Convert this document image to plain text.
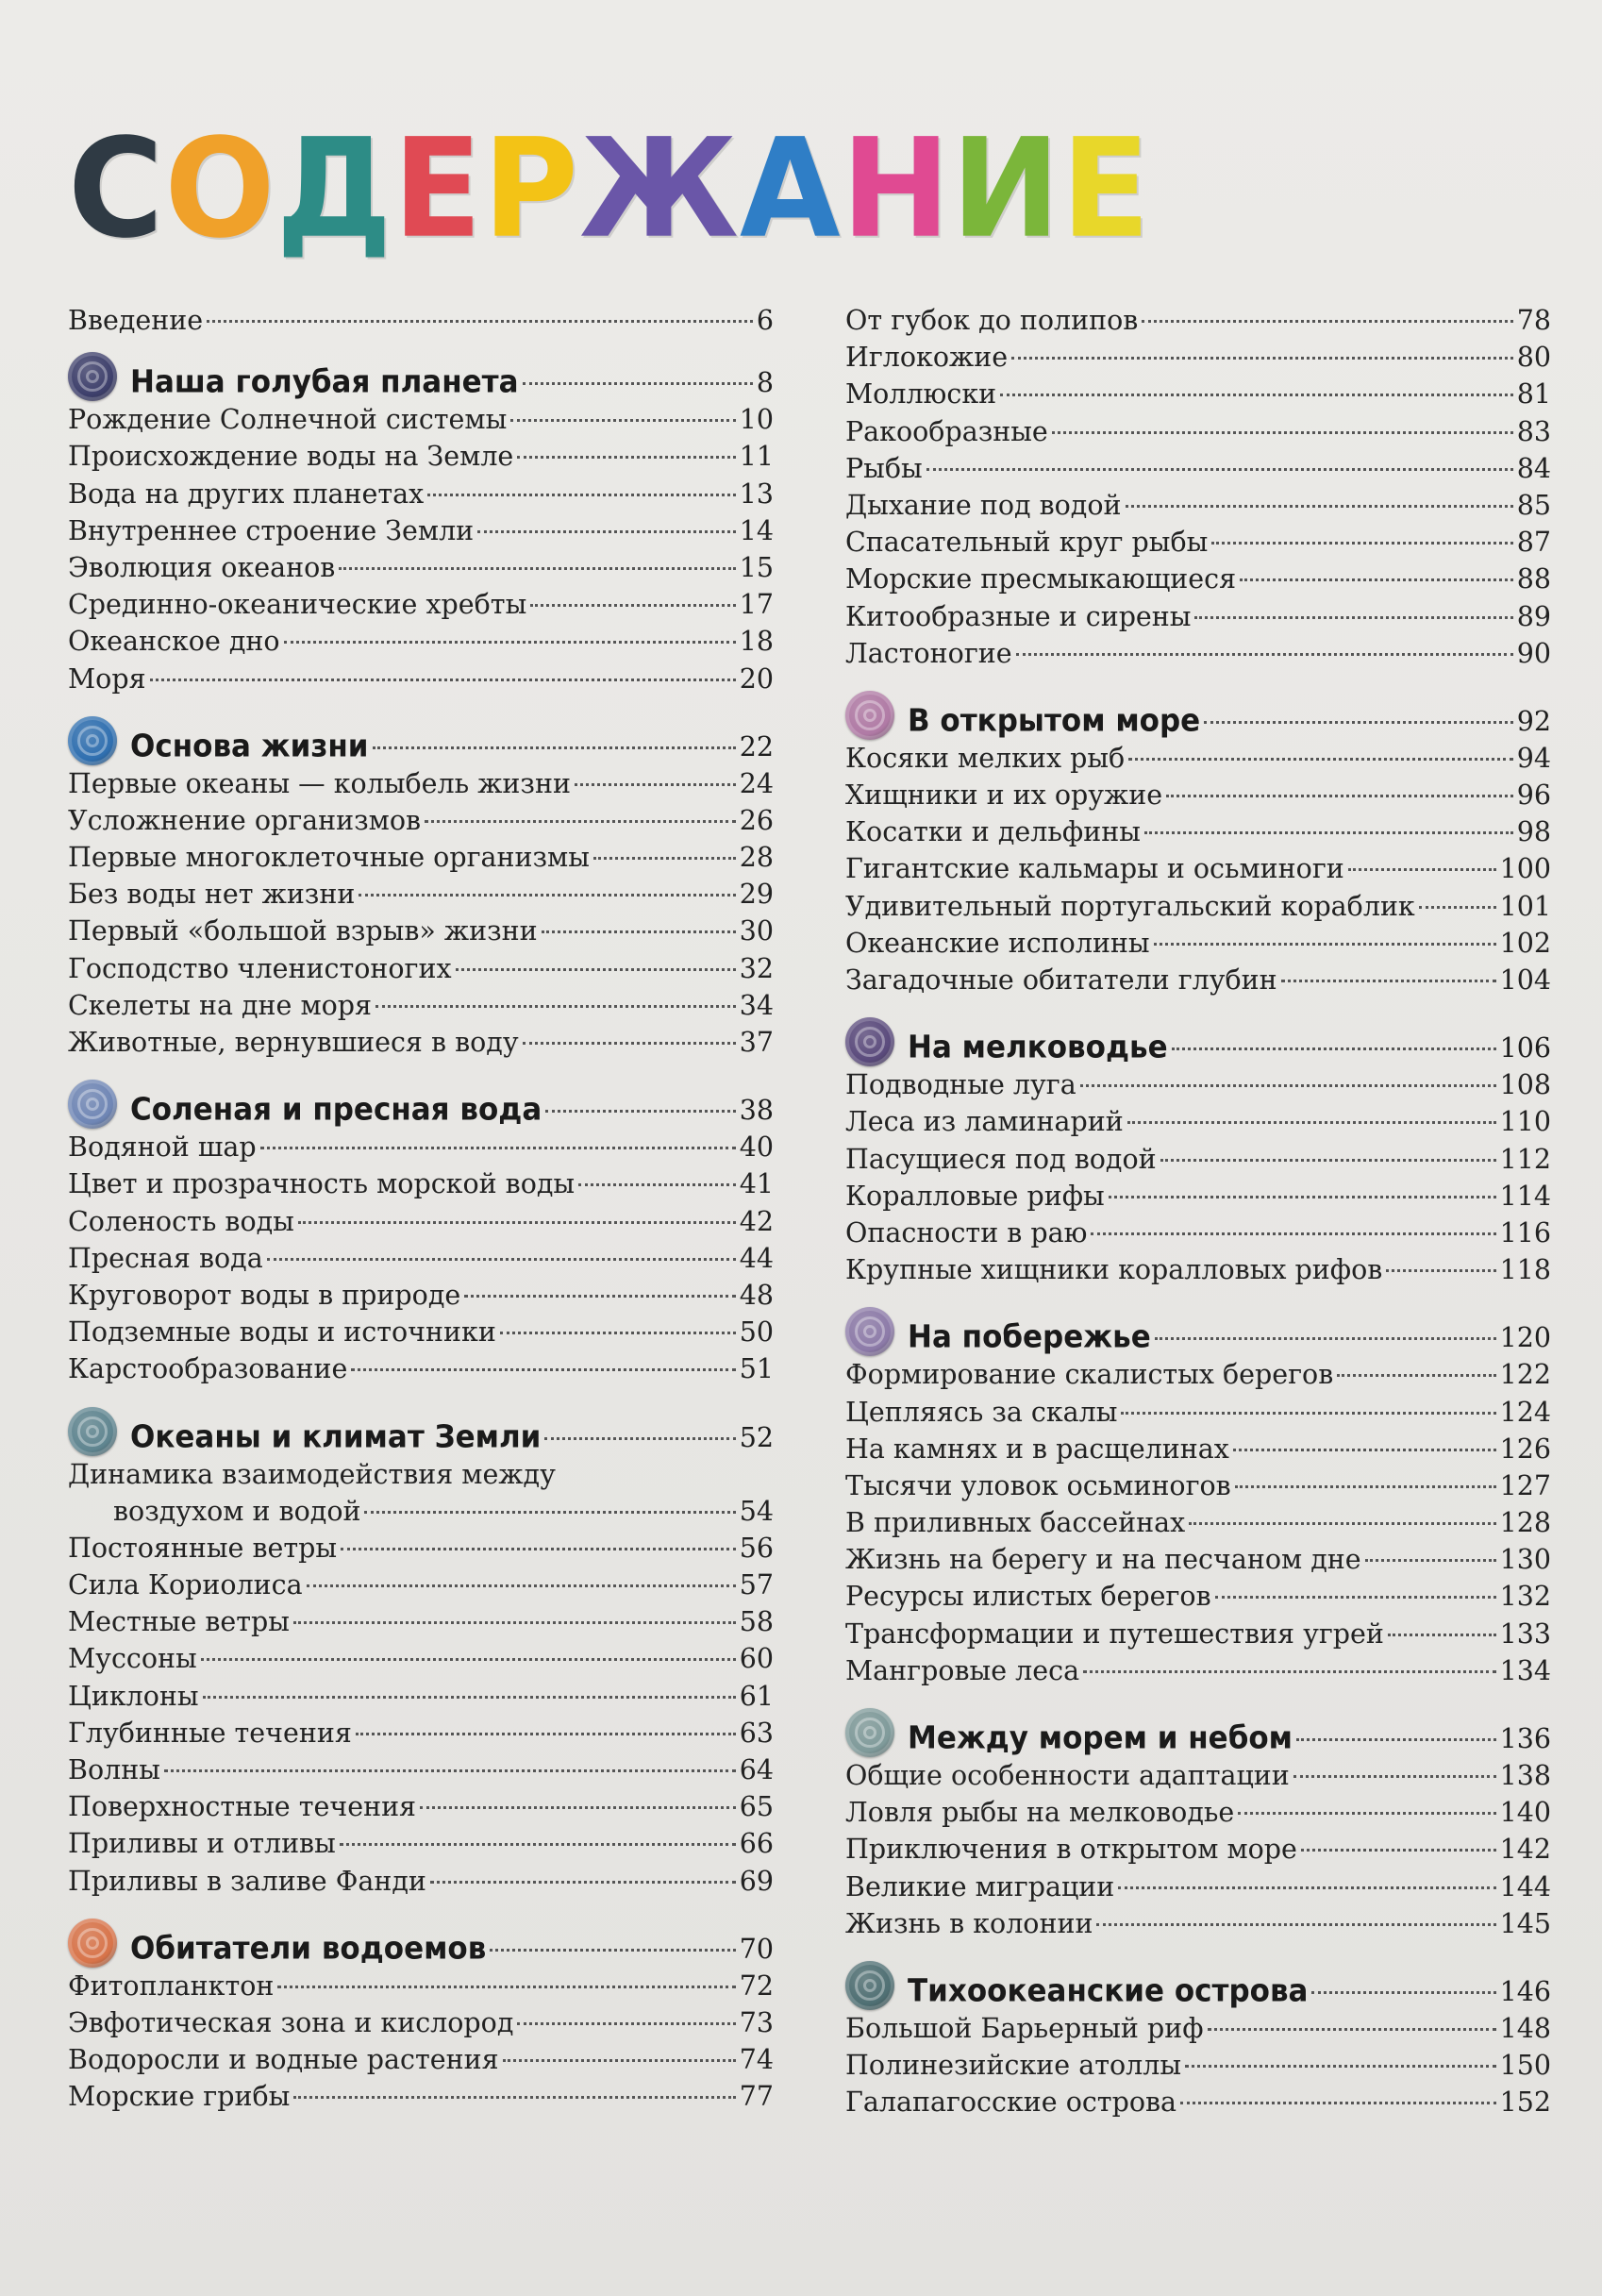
С О Д Е Р Ж А Н И Е
Введение	6
Наша голубая планета	8
Рождение Солнечной системы	10
Происхождение воды на Земле	11
Вода на других планетах	13
Внутреннее строение Земли	14
Эволюция океанов	15
Срединно-океанические хребты	17
Океанское дно	18
Моря	20
Основа жизни	22
Первые океаны — колыбель жизни	24
Усложнение организмов	26
Первые многоклеточные организмы	28
Без воды нет жизни	29
Первый «большой взрыв» жизни	30
Господство членистоногих	32
Скелеты на дне моря	34
Животные, вернувшиеся в воду	37
Соленая и пресная вода	38
Водяной шар	40
Цвет и прозрачность морской воды	41
Соленость воды	42
Пресная вода	44
Круговорот воды в природе	48
Подземные воды и источники	50
Карстообразование	51
Океаны и климат Земли	52
Динамика взаимодействия между
воздухом и водой	54
Постоянные ветры	56
Сила Кориолиса	57
Местные ветры	58
Муссоны	60
Циклоны	61
Глубинные течения	63
Волны	64
Поверхностные течения	65
Приливы и отливы	66
Приливы в заливе Фанди	69
Обитатели водоемов	70
Фитопланктон	72
Эвфотическая зона и кислород	73
Водоросли и водные растения	74
Морские грибы	77
От губок до полипов	78
Иглокожие	80
Моллюски	81
Ракообразные	83
Рыбы	84
Дыхание под водой	85
Спасательный круг рыбы	87
Морские пресмыкающиеся	88
Китообразные и сирены	89
Ластоногие	90
В открытом море	92
Косяки мелких рыб	94
Хищники и их оружие	96
Косатки и дельфины	98
Гигантские кальмары и осьминоги	100
Удивительный португальский кораблик	101
Океанские исполины	102
Загадочные обитатели глубин	104
На мелководье	106
Подводные луга	108
Леса из ламинарий	110
Пасущиеся под водой	112
Коралловые рифы	114
Опасности в раю	116
Крупные хищники коралловых рифов	118
На побережье	120
Формирование скалистых берегов	122
Цепляясь за скалы	124
На камнях и в расщелинах	126
Тысячи уловок осьминогов	127
В приливных бассейнах	128
Жизнь на берегу и на песчаном дне	130
Ресурсы илистых берегов	132
Трансформации и путешествия угрей	133
Мангровые леса	134
Между морем и небом	136
Общие особенности адаптации	138
Ловля рыбы на мелководье	140
Приключения в открытом море	142
Великие миграции	144
Жизнь в колонии	145
Тихоокеанские острова	146
Большой Барьерный риф	148
Полинезийские атоллы	150
Галапагосские острова	152
